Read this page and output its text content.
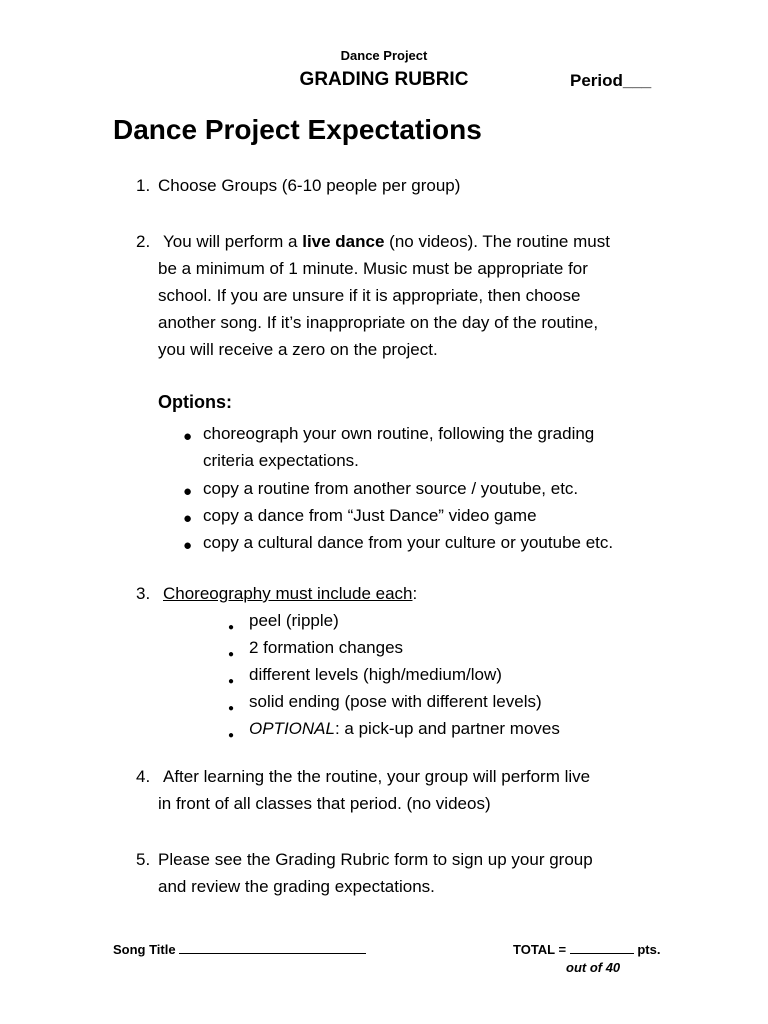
Dance Project
GRADING RUBRIC	Period___
Dance Project Expectations
1. Choose Groups (6-10 people per group)
2. You will perform a live dance (no videos). The routine must
be a minimum of 1 minute. Music must be appropriate for
school. If you are unsure if it is appropriate, then choose
another song. If it’s inappropriate on the day of the routine,
you will receive a zero on the project.
Options:
● choreograph your own routine, following the grading
criteria expectations.
● copy a routine from another source / youtube, etc.
● copy a dance from “Just Dance” video game
● copy a cultural dance from your culture or youtube etc.
3. Choreography must include each:
● peel (ripple)
● 2 formation changes
● different levels (high/medium/low)
● solid ending (pose with different levels)
● OPTIONAL: a pick-up and partner moves
4. After learning the the routine, your group will perform live
in front of all classes that period. (no videos)
5. Please see the Grading Rubric form to sign up your group
and review the grading expectations.
Song Title	TOTAL =	pts.
out of 40
